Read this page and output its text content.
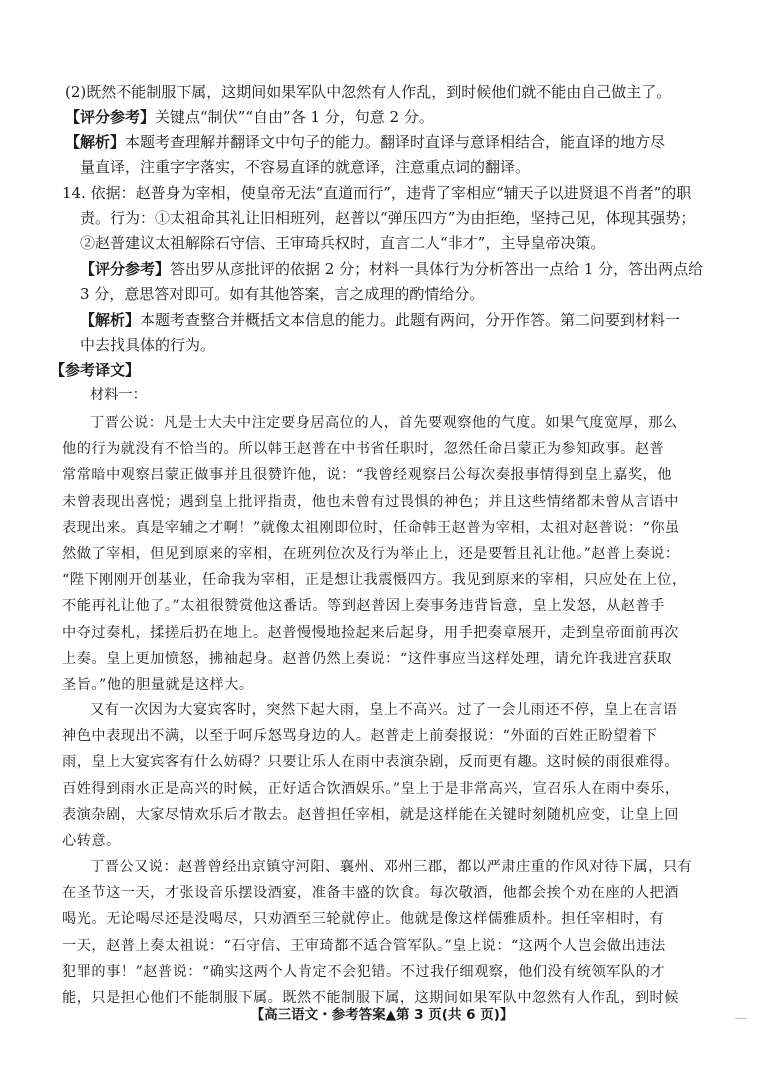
(2)既然不能制服下属，这期间如果军队中忽然有人作乱，到时候他们就不能由自己做主了。

【评分参考】关键点“制伏”“自由”各 1 分，句意 2 分。

【解析】本题考查理解并翻译文中句子的能力。翻译时直译与意译相结合，能直译的地方尽

量直译，注重字字落实，不容易直译的就意译，注意重点词的翻译。

14. 依据：赵普身为宰相，使皇帝无法“直道而行”，违背了宰相应“辅天子以进贤退不肖者”的职

责。行为：①太祖命其礼让旧相班列，赵普以“弹压四方”为由拒绝，坚持己见，体现其强势；

②赵普建议太祖解除石守信、王审琦兵权时，直言二人“非才”，主导皇帝决策。

【评分参考】答出罗从彦批评的依据 2 分；材料一具体行为分析答出一点给 1 分，答出两点给

3 分，意思答对即可。如有其他答案，言之成理的酌情给分。

【解析】本题考查整合并概括文本信息的能力。此题有两问，分开作答。第二问要到材料一

中去找具体的行为。

【参考译文】

材料一：

丁晋公说：凡是士大夫中注定要身居高位的人，首先要观察他的气度。如果气度宽厚，那么
他的行为就没有不恰当的。所以韩王赵普在中书省任职时，忽然任命吕蒙正为参知政事。赵普
常常暗中观察吕蒙正做事并且很赞许他，说：“我曾经观察吕公每次奏报事情得到皇上嘉奖，他
未曾表现出喜悦；遇到皇上批评指责，他也未曾有过畏惧的神色；并且这些情绪都未曾从言语中
表现出来。真是宰辅之才啊！”就像太祖刚即位时，任命韩王赵普为宰相，太祖对赵普说：“你虽
然做了宰相，但见到原来的宰相，在班列位次及行为举止上，还是要暂且礼让他。”赵普上奏说：
“陛下刚刚开创基业，任命我为宰相，正是想让我震慑四方。我见到原来的宰相，只应处在上位，
不能再礼让他了。”太祖很赞赏他这番话。等到赵普因上奏事务违背旨意，皇上发怒，从赵普手
中夺过奏札，揉搓后扔在地上。赵普慢慢地捡起来后起身，用手把奏章展开，走到皇帝面前再次
上奏。皇上更加愤怒，拂袖起身。赵普仍然上奏说：“这件事应当这样处理，请允许我进宫获取
圣旨。”他的胆量就是这样大。
又有一次因为大宴宾客时，突然下起大雨，皇上不高兴。过了一会儿雨还不停，皇上在言语
神色中表现出不满，以至于呵斥怒骂身边的人。赵普走上前奏报说：“外面的百姓正盼望着下
雨，皇上大宴宾客有什么妨碍？只要让乐人在雨中表演杂剧，反而更有趣。这时候的雨很难得。
百姓得到雨水正是高兴的时候，正好适合饮酒娱乐。”皇上于是非常高兴，宣召乐人在雨中奏乐，
表演杂剧，大家尽情欢乐后才散去。赵普担任宰相，就是这样能在关键时刻随机应变，让皇上回
心转意。
丁晋公又说：赵普曾经出京镇守河阳、襄州、邓州三郡，都以严肃庄重的作风对待下属，只有
在圣节这一天，才张设音乐摆设酒宴，准备丰盛的饮食。每次敬酒，他都会挨个劝在座的人把酒
喝光。无论喝尽还是没喝尽，只劝酒至三轮就停止。他就是像这样儒雅质朴。担任宰相时，有
一天，赵普上奏太祖说：“石守信、王审琦都不适合管军队。”皇上说：“这两个人岂会做出违法
犯罪的事！”赵普说：“确实这两个人肯定不会犯错。不过我仔细观察，他们没有统领军队的才
能，只是担心他们不能制服下属。既然不能制服下属，这期间如果军队中忽然有人作乱，到时候
【高三语文・参考答案▲第 3 页(共 6 页)】	___
